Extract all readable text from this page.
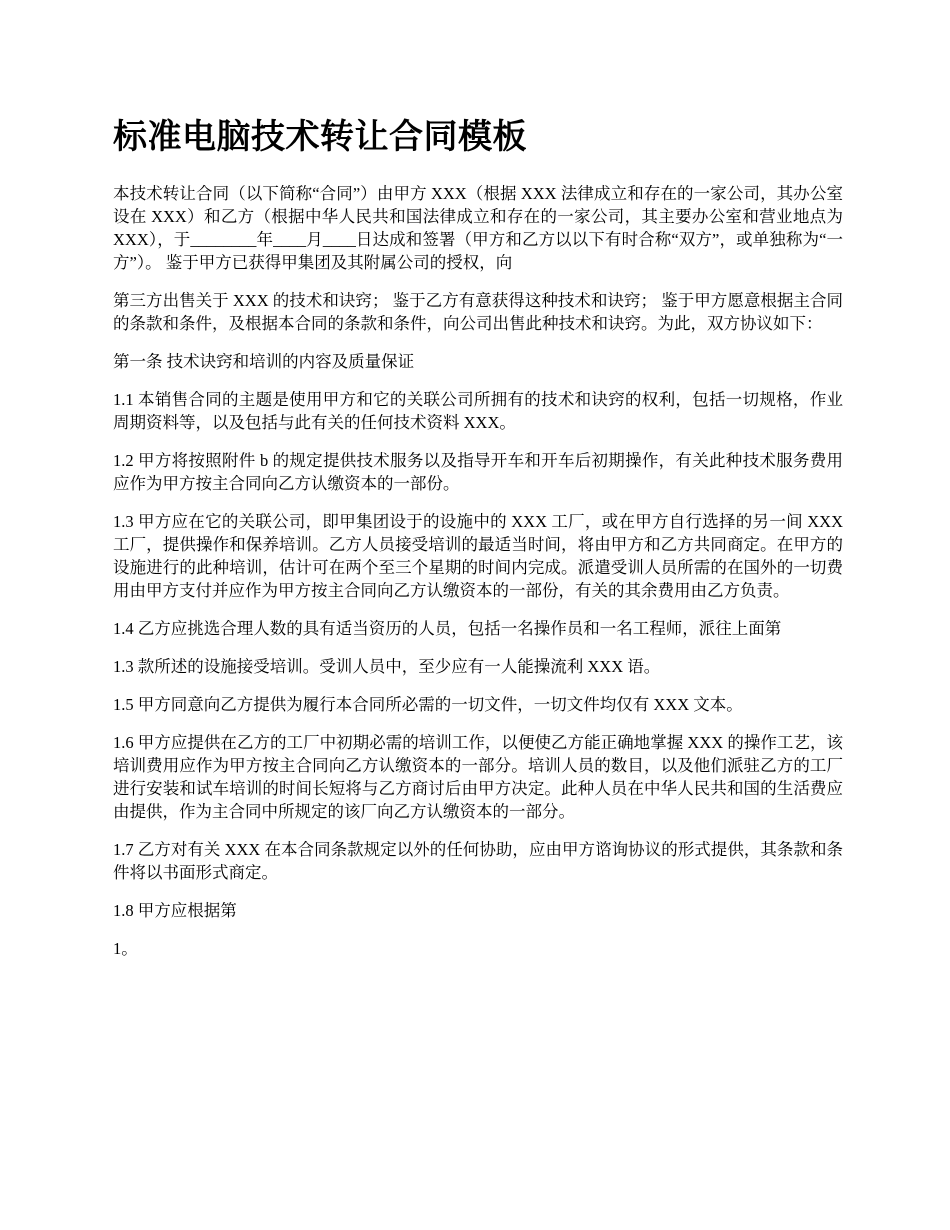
标准电脑技术转让合同模板

本技术转让合同（以下简称“合同”）由甲方 XXX（根据 XXX 法律成立和存在的一家公司，其办公室设在 XXX）和乙方（根据中华人民共和国法律成立和存在的一家公司，其主要办公室和营业地点为 XXX），于________年____月____日达成和签署（甲方和乙方以以下有时合称“双方”，或单独称为“一方”）。 鉴于甲方已获得甲集团及其附属公司的授权，向

第三方出售关于 XXX 的技术和诀窍； 鉴于乙方有意获得这种技术和诀窍； 鉴于甲方愿意根据主合同的条款和条件，及根据本合同的条款和条件，向公司出售此种技术和诀窍。为此，双方协议如下：

第一条 技术诀窍和培训的内容及质量保证

1.1 本销售合同的主题是使用甲方和它的关联公司所拥有的技术和诀窍的权利，包括一切规格，作业周期资料等，以及包括与此有关的任何技术资料 XXX。

1.2 甲方将按照附件 b 的规定提供技术服务以及指导开车和开车后初期操作，有关此种技术服务费用应作为甲方按主合同向乙方认缴资本的一部份。

1.3 甲方应在它的关联公司，即甲集团设于的设施中的 XXX 工厂，或在甲方自行选择的另一间 XXX 工厂，提供操作和保养培训。乙方人员接受培训的最适当时间，将由甲方和乙方共同商定。在甲方的设施进行的此种培训，估计可在两个至三个星期的时间内完成。派遣受训人员所需的在国外的一切费用由甲方支付并应作为甲方按主合同向乙方认缴资本的一部份，有关的其余费用由乙方负责。

1.4 乙方应挑选合理人数的具有适当资历的人员，包括一名操作员和一名工程师，派往上面第

1.3 款所述的设施接受培训。受训人员中，至少应有一人能操流利 XXX 语。

1.5 甲方同意向乙方提供为履行本合同所必需的一切文件，一切文件均仅有 XXX 文本。

1.6 甲方应提供在乙方的工厂中初期必需的培训工作，以便使乙方能正确地掌握 XXX 的操作工艺，该培训费用应作为甲方按主合同向乙方认缴资本的一部分。培训人员的数目，以及他们派驻乙方的工厂进行安装和试车培训的时间长短将与乙方商讨后由甲方决定。此种人员在中华人民共和国的生活费应由提供，作为主合同中所规定的该厂向乙方认缴资本的一部分。

1.7 乙方对有关 XXX 在本合同条款规定以外的任何协助，应由甲方谘询协议的形式提供，其条款和条件将以书面形式商定。

1.8 甲方应根据第

1。
